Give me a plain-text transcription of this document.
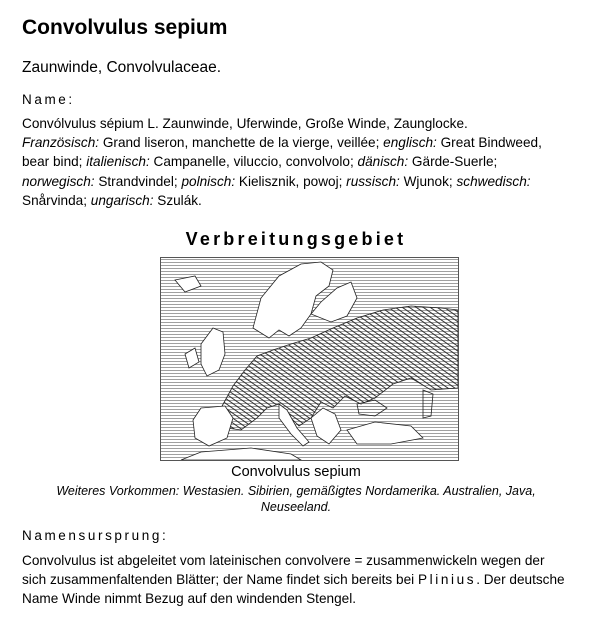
Convolvulus sepium
Zaunwinde, Convolvulaceae.
Name:
Convólvulus sépium L. Zaunwinde, Uferwinde, Große Winde, Zaunglocke.
Französisch: Grand liseron, manchette de la vierge, veillée; englisch: Great Bindweed, bear bind; italienisch: Campanelle, viluccio, convolvolo; dänisch: Gärde-Suerle; norwegisch: Strandvindel; polnisch: Kielisznik, powoj; russisch: Wjunok; schwedisch: Snårvinda; ungarisch: Szulák.
Verbreitungsgebiet
Convolvulus sepium
Weiteres Vorkommen: Westasien. Sibirien, gemäßigtes Nordamerika. Australien, Java, Neuseeland.
Namensursprung:
Convolvulus ist abgeleitet vom lateinischen convolvere = zusammenwickeln wegen der sich zusammenfaltenden Blätter; der Name findet sich bereits bei Plinius. Der deutsche Name Winde nimmt Bezug auf den windenden Stengel.
